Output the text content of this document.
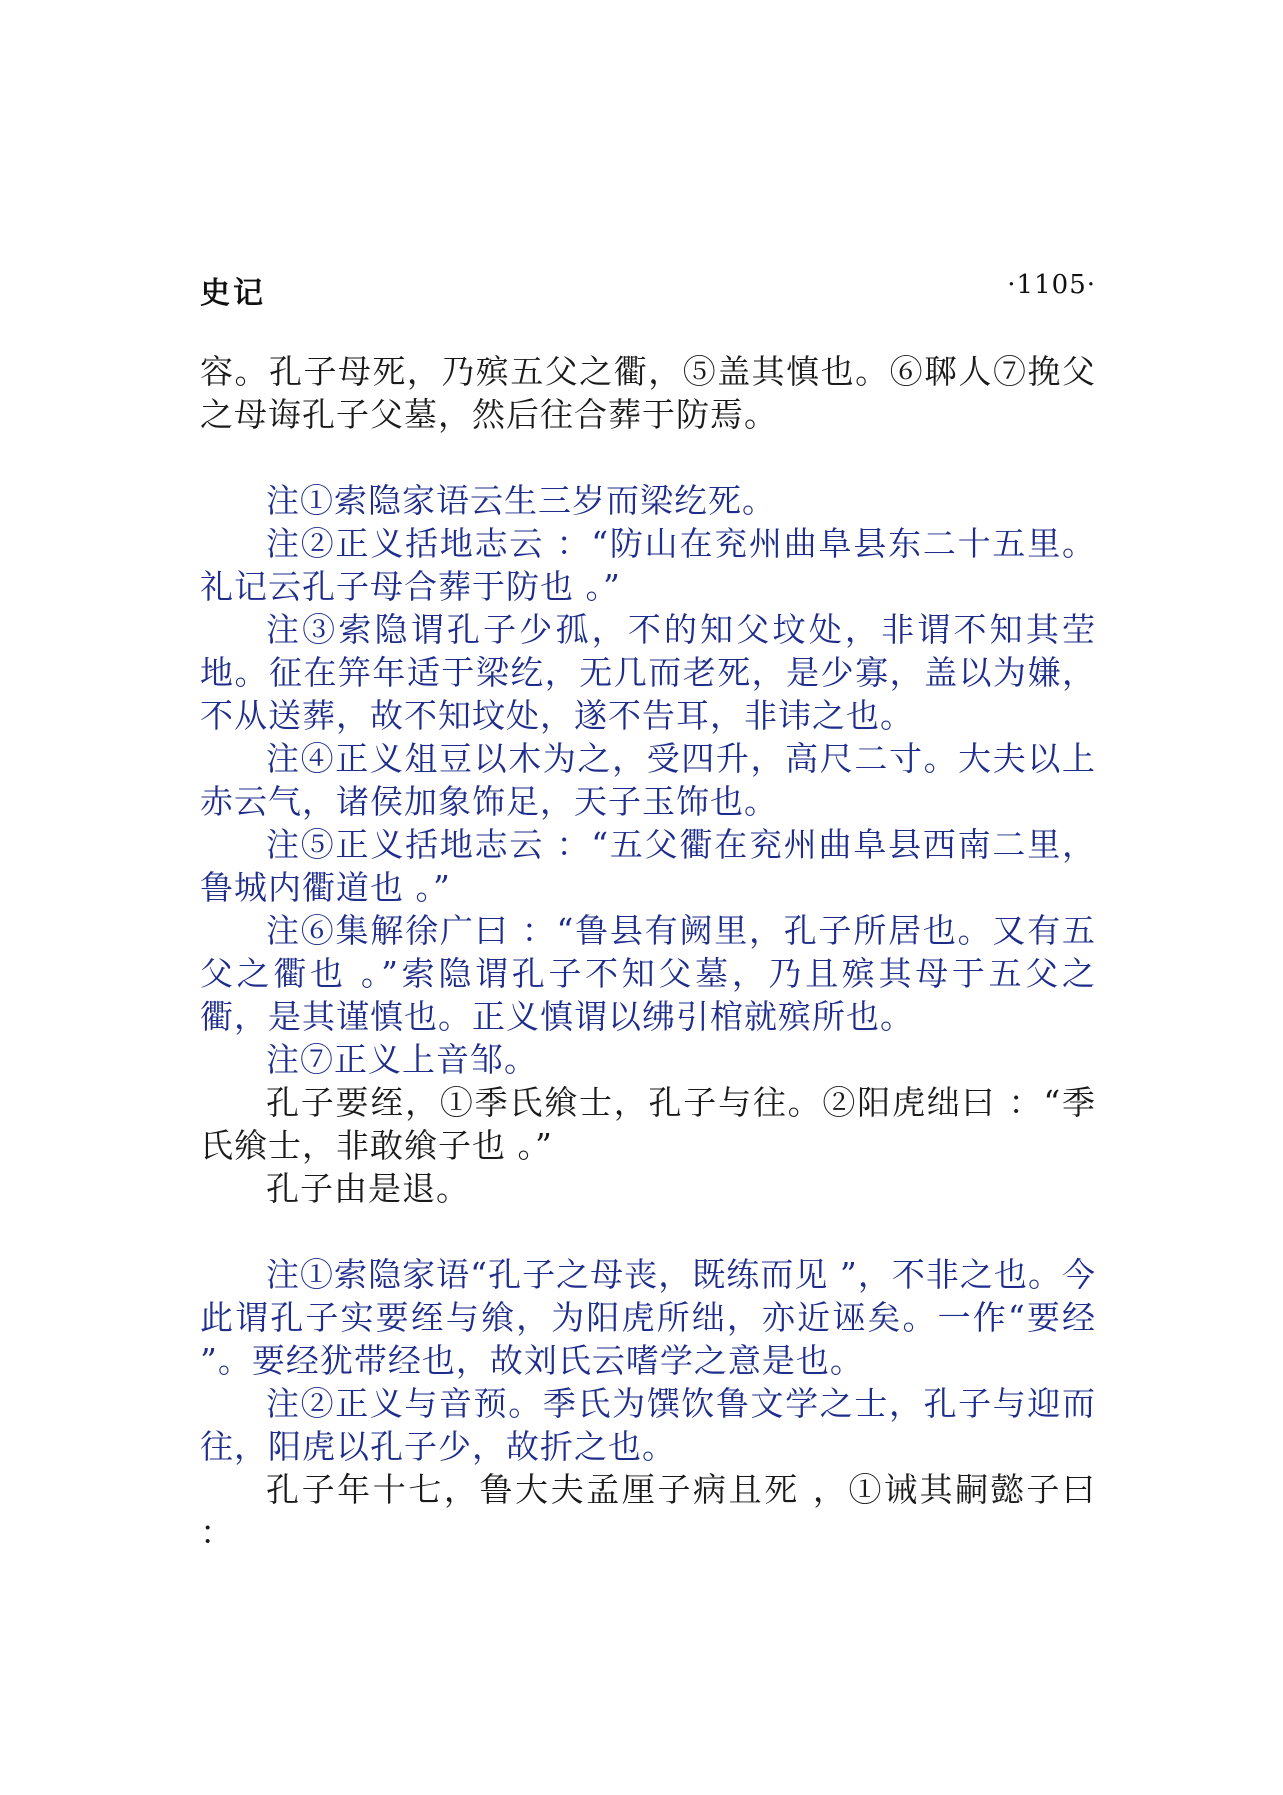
史记	·1105·
容。孔子母死，乃殡五父之衢，⑤盖其慎也。⑥郰人⑦挽父之母诲孔子父墓，然后往合葬于防焉。
注①索隐家语云生三岁而梁纥死。
注②正义括地志云 ：“防山在兖州曲阜县东二十五里。礼记云孔子母合葬于防也 。”
注③索隐谓孔子少孤，不的知父坟处，非谓不知其茔地。征在笄年适于梁纥，无几而老死，是少寡，盖以为嫌，不从送葬，故不知坟处，遂不告耳，非讳之也。
注④正义俎豆以木为之，受四升，高尺二寸。大夫以上赤云气，诸侯加象饰足，天子玉饰也。
注⑤正义括地志云 ：“五父衢在兖州曲阜县西南二里，鲁城内衢道也 。”
注⑥集解徐广曰 ：“鲁县有阙里，孔子所居也。又有五父之衢也 。”索隐谓孔子不知父墓，乃且殡其母于五父之衢，是其谨慎也。正义慎谓以绋引棺就殡所也。
注⑦正义上音邹。
孔子要绖，①季氏飨士，孔子与往。②阳虎绌曰 ：“季氏飨士，非敢飨子也 。”
孔子由是退。
注①索隐家语“孔子之母丧，既练而见 ”，不非之也。今此谓孔子实要绖与飨，为阳虎所绌，亦近诬矣。一作“要经 ”。要经犹带经也，故刘氏云嗜学之意是也。
注②正义与音预。季氏为馔饮鲁文学之士，孔子与迎而往，阳虎以孔子少，故折之也。
孔子年十七，鲁大夫孟厘子病且死 ，①诫其嗣懿子曰 ：
